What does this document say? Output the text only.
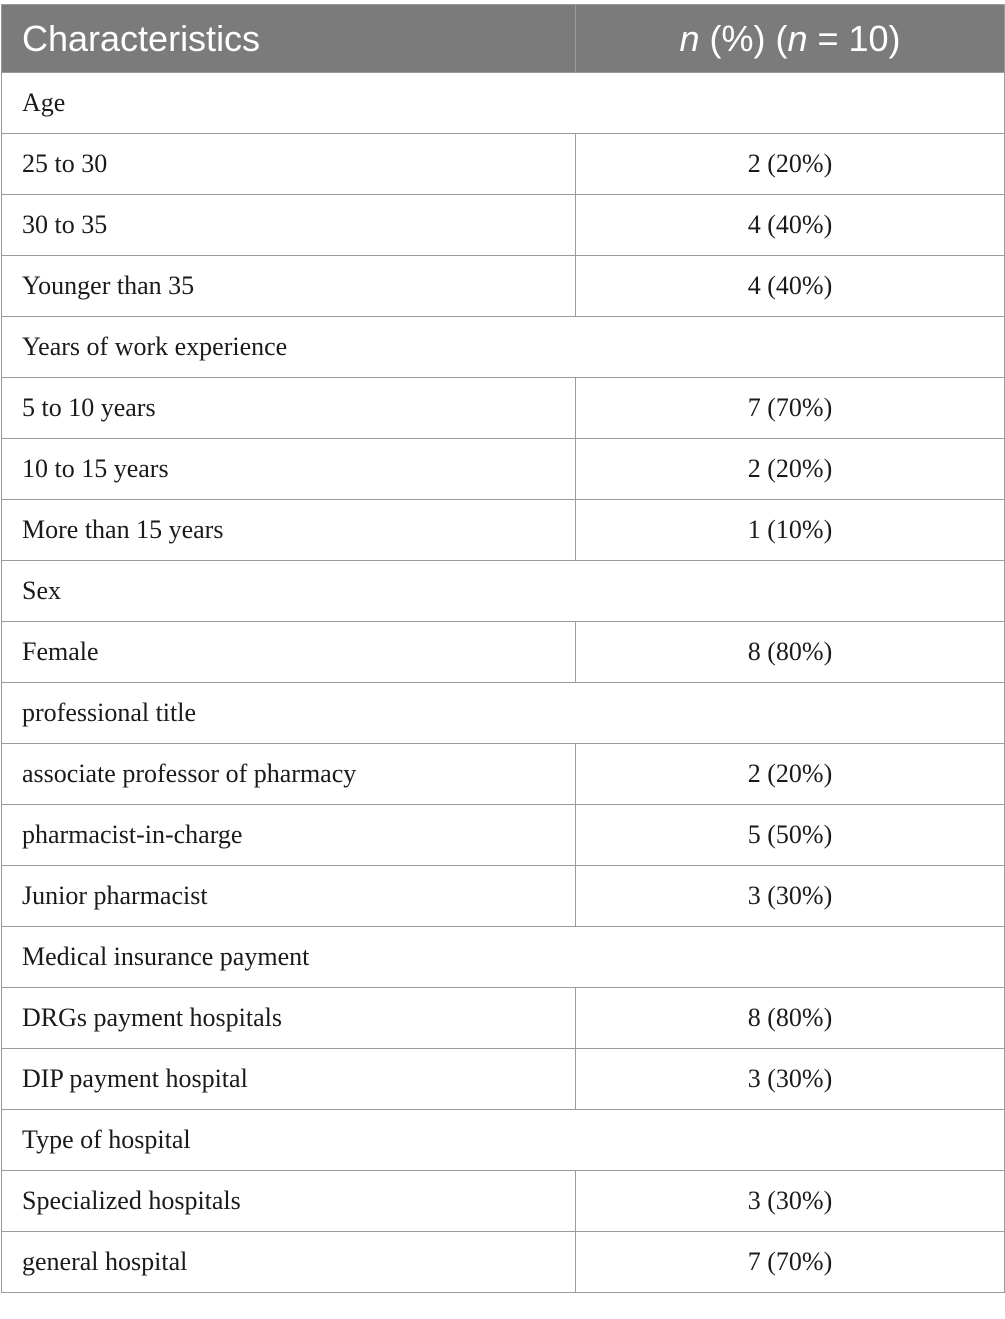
Characteristics	n (%) (n = 10)
Age	
25 to 30	2 (20%)
30 to 35	4 (40%)
Younger than 35	4 (40%)
Years of work experience	
5 to 10 years	7 (70%)
10 to 15 years	2 (20%)
More than 15 years	1 (10%)
Sex	
Female	8 (80%)
professional title	
associate professor of pharmacy	2 (20%)
pharmacist-in-charge	5 (50%)
Junior pharmacist	3 (30%)
Medical insurance payment	
DRGs payment hospitals	8 (80%)
DIP payment hospital	3 (30%)
Type of hospital	
Specialized hospitals	3 (30%)
general hospital	7 (70%)
